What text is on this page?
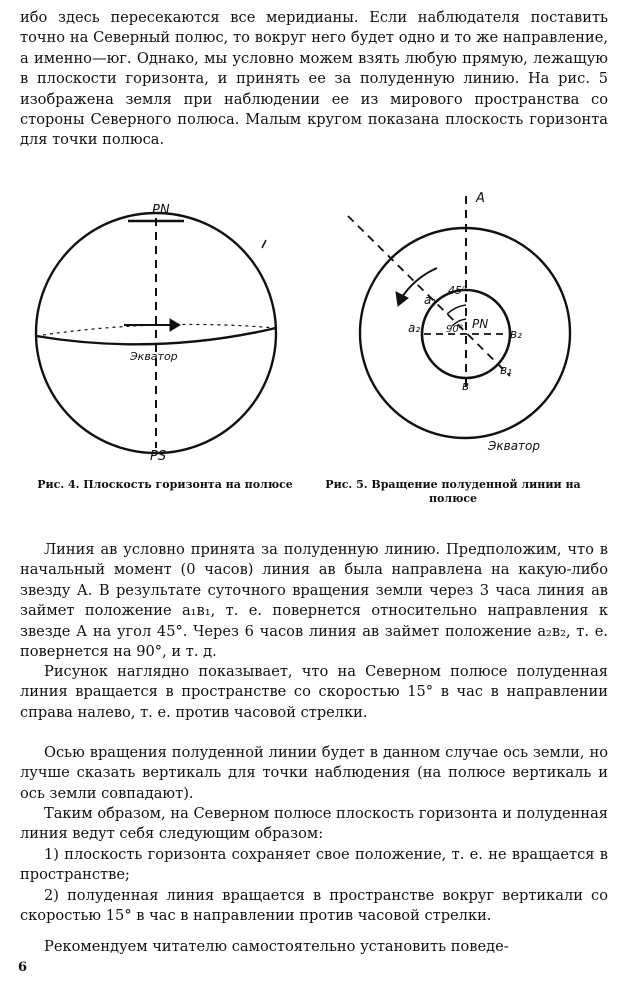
ибо здесь пересекаются все меридианы. Если наблюдателя поставить точно на Северный полюс, то вокруг него будет одно и то же направление, а именно—юг. Однако, мы условно можем взять любую прямую, лежащую в плоскости горизонта, и принять ее за полуденную линию. На рис. 5 изображена земля при наблюдении ее из мирового пространства со стороны Северного полюса. Малым кругом показана плоскость горизонта для точки полюса.

PN
Экватор
PS
А
45⁰
а₁
90⁰ PN
а₂	в₂
в₁
в
Экватор
Рис. 4. Плоскость горизонта на полюсе	Рис. 5. Вращение полуденной линии на полюсе

Линия ав условно принята за полуденную линию. Предположим, что в начальный момент (0 часов) линия ав была направлена на какую-либо звезду А. В результате суточного вращения земли через 3 часа линия ав займет положение а₁в₁, т. е. повернется относительно направления к звезде А на угол 45°. Через 6 часов линия ав займет положение а₂в₂, т. е. повернется на 90°, и т. д.

Рисунок наглядно показывает, что на Северном полюсе полуденная линия вращается в пространстве со скоростью 15° в час в направлении справа налево, т. е. против часовой стрелки.

Осью вращения полуденной линии будет в данном случае ось земли, но лучше сказать вертикаль для точки наблюдения (на полюсе вертикаль и ось земли совпадают).

Таким образом, на Северном полюсе плоскость горизонта и полуденная линия ведут себя следующим образом:

1) плоскость горизонта сохраняет свое положение, т. е. не вращается в пространстве;

2) полуденная линия вращается в пространстве вокруг вертикали со скоростью 15° в час в направлении против часовой стрелки.

Рекомендуем читателю самостоятельно установить поведе-

6
